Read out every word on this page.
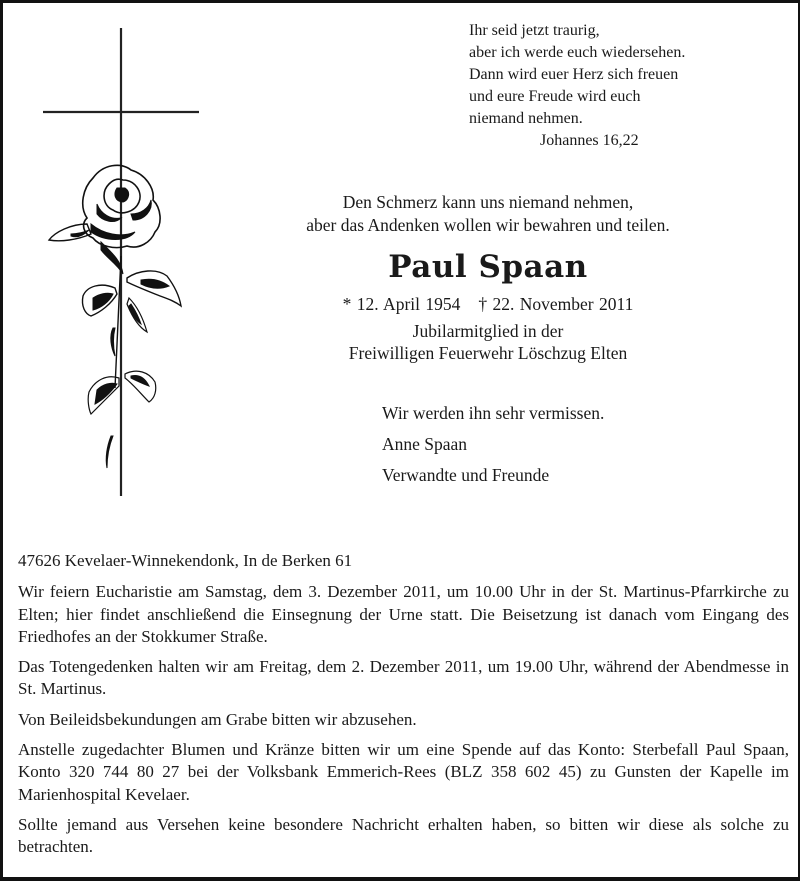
Ihr seid jetzt traurig,
aber ich werde euch wiedersehen.
Dann wird euer Herz sich freuen
und eure Freude wird euch
niemand nehmen.
Johannes 16,22
Den Schmerz kann uns niemand nehmen,
aber das Andenken wollen wir bewahren und teilen.
Paul Spaan
* 12. April 1954 † 22. November 2011
Jubilarmitglied in der
Freiwilligen Feuerwehr Löschzug Elten
Wir werden ihn sehr vermissen.
Anne Spaan
Verwandte und Freunde

47626 Kevelaer-Winnekendonk, In de Berken 61

Wir feiern Eucharistie am Samstag, dem 3. Dezember 2011, um 10.00 Uhr in der St. Martinus-Pfarrkirche zu Elten; hier findet anschließend die Einsegnung der Urne statt. Die Beisetzung ist danach vom Eingang des Friedhofes an der Stokkumer Straße.

Das Totengedenken halten wir am Freitag, dem 2. Dezember 2011, um 19.00 Uhr, während der Abendmesse in St. Martinus.

Von Beileidsbekundungen am Grabe bitten wir abzusehen.

Anstelle zugedachter Blumen und Kränze bitten wir um eine Spende auf das Konto: Sterbefall Paul Spaan, Konto 320 744 80 27 bei der Volksbank Emmerich-Rees (BLZ 358 602 45) zu Gunsten der Kapelle im Marienhospital Kevelaer.

Sollte jemand aus Versehen keine besondere Nachricht erhalten haben, so bitten wir diese als solche zu betrachten.
